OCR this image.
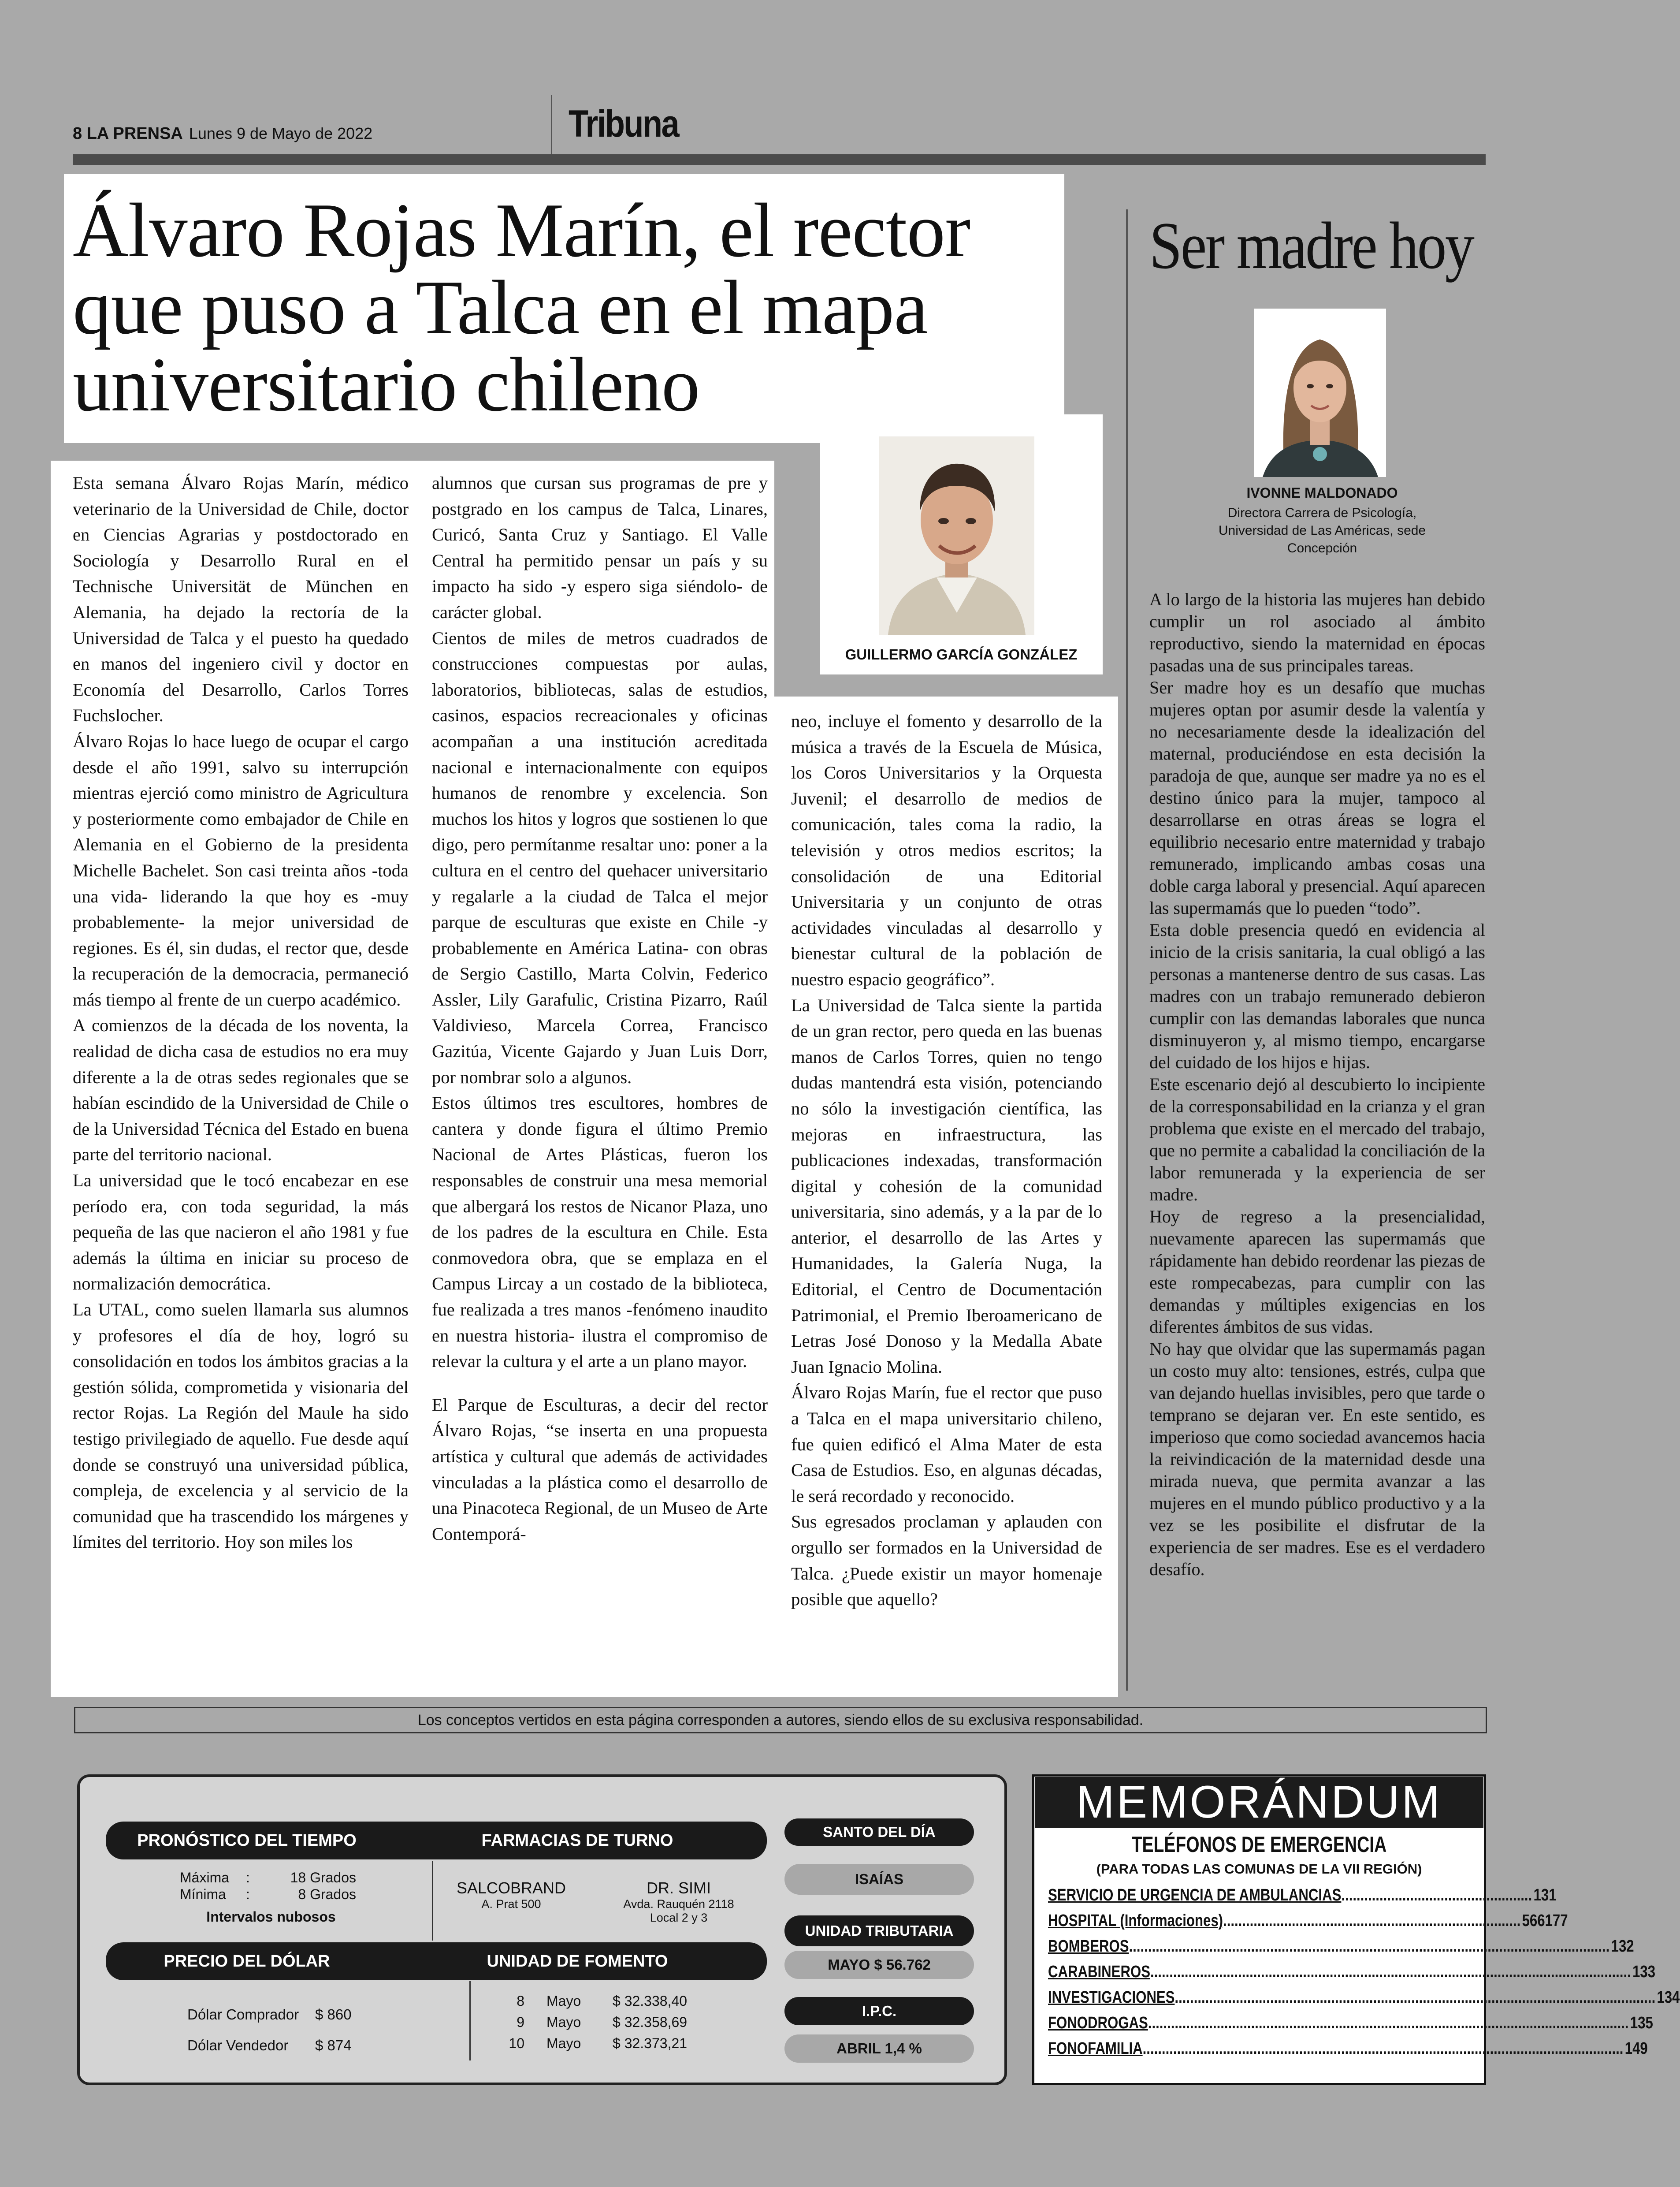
8 LA PRENSA Lunes 9 de Mayo de 2022	Tribuna
Álvaro Rojas Marín, el rector que puso a Talca en el mapa universitario chileno
GUILLERMO GARCÍA GONZÁLEZ

Esta semana Álvaro Rojas Marín, médico veterinario de la Universidad de Chile, doctor en Ciencias Agrarias y postdoctorado en Sociología y Desarrollo Rural en el Technische Universität de München en Alemania, ha dejado la rectoría de la Universidad de Talca y el puesto ha quedado en manos del ingeniero civil y doctor en Economía del Desarrollo, Carlos Torres Fuchslocher.

Álvaro Rojas lo hace luego de ocupar el cargo desde el año 1991, salvo su interrupción mientras ejerció como ministro de Agricultura y posteriormente como embajador de Chile en Alemania en el Gobierno de la presidenta Michelle Bachelet. Son casi treinta años -toda una vida- liderando la que hoy es -muy probablemente- la mejor universidad de regiones. Es él, sin dudas, el rector que, desde la recuperación de la democracia, permaneció más tiempo al frente de un cuerpo académico.

A comienzos de la década de los noventa, la realidad de dicha casa de estudios no era muy diferente a la de otras sedes regionales que se habían escindido de la Universidad de Chile o de la Universidad Técnica del Estado en buena parte del territorio nacional.

La universidad que le tocó encabezar en ese período era, con toda seguridad, la más pequeña de las que nacieron el año 1981 y fue además la última en iniciar su proceso de normalización democrática.

La UTAL, como suelen llamarla sus alumnos y profesores el día de hoy, logró su consolidación en todos los ámbitos gracias a la gestión sólida, comprometida y visionaria del rector Rojas. La Región del Maule ha sido testigo privilegiado de aquello. Fue desde aquí donde se construyó una universidad pública, compleja, de excelencia y al servicio de la comunidad que ha trascendido los márgenes y límites del territorio. Hoy son miles los

alumnos que cursan sus programas de pre y postgrado en los campus de Talca, Linares, Curicó, Santa Cruz y Santiago. El Valle Central ha permitido pensar un país y su impacto ha sido -y espero siga siéndolo- de carácter global.

Cientos de miles de metros cuadrados de construcciones compuestas por aulas, laboratorios, bibliotecas, salas de estudios, casinos, espacios recreacionales y oficinas acompañan a una institución acreditada nacional e internacionalmente con equipos humanos de renombre y excelencia. Son muchos los hitos y logros que sostienen lo que digo, pero permítanme resaltar uno: poner a la cultura en el centro del quehacer universitario y regalarle a la ciudad de Talca el mejor parque de esculturas que existe en Chile -y probablemente en América Latina- con obras de Sergio Castillo, Marta Colvin, Federico Assler, Lily Garafulic, Cristina Pizarro, Raúl Valdivieso, Marcela Correa, Francisco Gazitúa, Vicente Gajardo y Juan Luis Dorr, por nombrar solo a algunos.

Estos últimos tres escultores, hombres de cantera y donde figura el último Premio Nacional de Artes Plásticas, fueron los responsables de construir una mesa memorial que albergará los restos de Nicanor Plaza, uno de los padres de la escultura en Chile. Esta conmovedora obra, que se emplaza en el Campus Lircay a un costado de la biblioteca, fue realizada a tres manos -fenómeno inaudito en nuestra historia- ilustra el compromiso de relevar la cultura y el arte a un plano mayor.

El Parque de Esculturas, a decir del rector Álvaro Rojas, “se inserta en una propuesta artística y cultural que además de actividades vinculadas a la plástica como el desarrollo de una Pinacoteca Regional, de un Museo de Arte Contemporá-

neo, incluye el fomento y desarrollo de la música a través de la Escuela de Música, los Coros Universitarios y la Orquesta Juvenil; el desarrollo de medios de comunicación, tales coma la radio, la televisión y otros medios escritos; la consolidación de una Editorial Universitaria y un conjunto de otras actividades vinculadas al desarrollo y bienestar cultural de la población de nuestro espacio geográfico”.

La Universidad de Talca siente la partida de un gran rector, pero queda en las buenas manos de Carlos Torres, quien no tengo dudas mantendrá esta visión, potenciando no sólo la investigación científica, las mejoras en infraestructura, las publicaciones indexadas, transformación digital y cohesión de la comunidad universitaria, sino además, y a la par de lo anterior, el desarrollo de las Artes y Humanidades, la Galería Nuga, la Editorial, el Centro de Documentación Patrimonial, el Premio Iberoamericano de Letras José Donoso y la Medalla Abate Juan Ignacio Molina.

Álvaro Rojas Marín, fue el rector que puso a Talca en el mapa universitario chileno, fue quien edificó el Alma Mater de esta Casa de Estudios. Eso, en algunas décadas, le será recordado y reconocido.

Sus egresados proclaman y aplauden con orgullo ser formados en la Universidad de Talca. ¿Puede existir un mayor homenaje posible que aquello?

Ser madre hoy
IVONNE MALDONADO
Directora Carrera de Psicología,
Universidad de Las Américas, sede
Concepción

A lo largo de la historia las mujeres han debido cumplir un rol asociado al ámbito reproductivo, siendo la maternidad en épocas pasadas una de sus principales tareas.

Ser madre hoy es un desafío que muchas mujeres optan por asumir desde la valentía y no necesariamente desde la idealización del maternal, produciéndose en esta decisión la paradoja de que, aunque ser madre ya no es el destino único para la mujer, tampoco al desarrollarse en otras áreas se logra el equilibrio necesario entre maternidad y trabajo remunerado, implicando ambas cosas una doble carga laboral y presencial. Aquí aparecen las supermamás que lo pueden “todo”.

Esta doble presencia quedó en evidencia al inicio de la crisis sanitaria, la cual obligó a las personas a mantenerse dentro de sus casas. Las madres con un trabajo remunerado debieron cumplir con las demandas laborales que nunca disminuyeron y, al mismo tiempo, encargarse del cuidado de los hijos e hijas.

Este escenario dejó al descubierto lo incipiente de la corresponsabilidad en la crianza y el gran problema que existe en el mercado del trabajo, que no permite a cabalidad la conciliación de la labor remunerada y la experiencia de ser madre.

Hoy de regreso a la presencialidad, nuevamente aparecen las supermamás que rápidamente han debido reordenar las piezas de este rompecabezas, para cumplir con las demandas y múltiples exigencias en los diferentes ámbitos de sus vidas.

No hay que olvidar que las supermamás pagan un costo muy alto: tensiones, estrés, culpa que van dejando huellas invisibles, pero que tarde o temprano se dejaran ver. En este sentido, es imperioso que como sociedad avancemos hacia la reivindicación de la maternidad desde una mirada nueva, que permita avanzar a las mujeres en el mundo público productivo y a la vez se les posibilite el disfrutar de la experiencia de ser madres. Ese es el verdadero desafío.

Los conceptos vertidos en esta página corresponden a autores, siendo ellos de su exclusiva responsabilidad.
PRONÓSTICO DEL TIEMPO	FARMACIAS DE TURNO
Máxima	:	18 Grados
Mínima	:	8 Grados
Intervalos nubosos
SALCOBRAND
A. Prat 500
DR. SIMI
Avda. Rauquén 2118
Local 2 y 3
PRECIO DEL DÓLAR	UNIDAD DE FOMENTO
Dólar Comprador	$ 860
Dólar Vendedor	$ 874
8	Mayo	$ 32.338,40
9	Mayo	$ 32.358,69
10	Mayo	$ 32.373,21
SANTO DEL DÍA
ISAÍAS
UNIDAD TRIBUTARIA
MAYO $ 56.762
I.P.C.
ABRIL 1,4 %
MEMORÁNDUM
TELÉFONOS DE EMERGENCIA
(PARA TODAS LAS COMUNAS DE LA VII REGIÓN)
SERVICIO DE URGENCIA DE AMBULANCIAS .................................................. 131
HOSPITAL (Informaciones) .............................................................................. 566177
BOMBEROS .............................................................................................................................. 132
CARABINEROS .............................................................................................................................. 133
INVESTIGACIONES .............................................................................................................................. 134
FONODROGAS .............................................................................................................................. 135
FONOFAMILIA .............................................................................................................................. 149
